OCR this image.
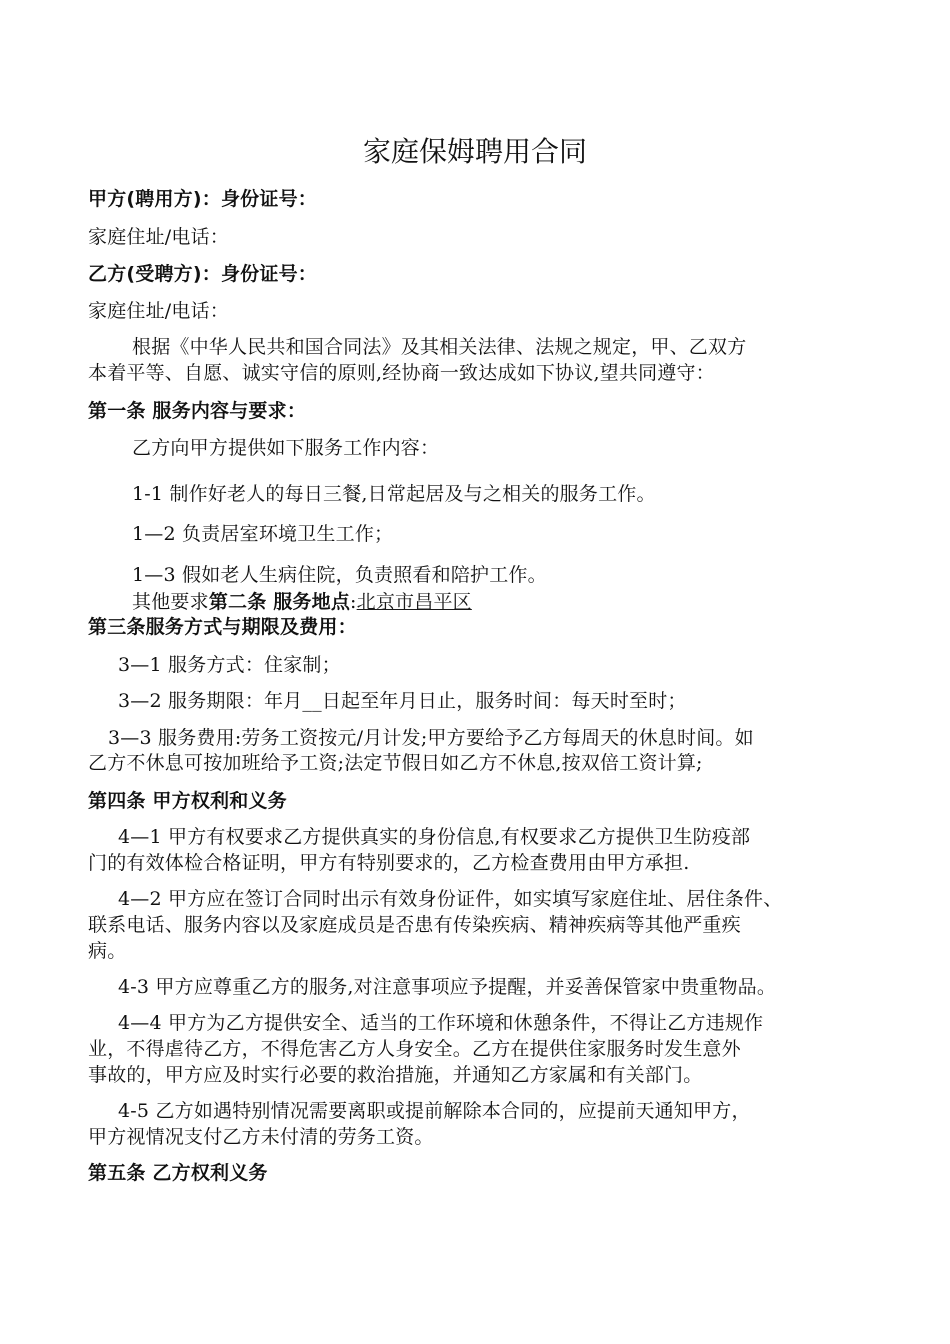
家庭保姆聘用合同
甲方(聘用方)：身份证号：
家庭住址/电话：
乙方(受聘方)：身份证号：
家庭住址/电话：
根据《中华人民共和国合同法》及其相关法律、法规之规定，甲、乙双方
本着平等、自愿、诚实守信的原则,经协商一致达成如下协议,望共同遵守：
第一条 服务内容与要求：
乙方向甲方提供如下服务工作内容：
1-1 制作好老人的每日三餐,日常起居及与之相关的服务工作。
1—2 负责居室环境卫生工作；
1—3 假如老人生病住院，负责照看和陪护工作。
其他要求第二条 服务地点:北京市昌平区
第三条服务方式与期限及费用：
3—1 服务方式：住家制；
3—2 服务期限：年月__日起至年月日止，服务时间：每天时至时；
3—3 服务费用:劳务工资按元/月计发;甲方要给予乙方每周天的休息时间。如
乙方不休息可按加班给予工资;法定节假日如乙方不休息,按双倍工资计算;
第四条 甲方权利和义务
4—1 甲方有权要求乙方提供真实的身份信息,有权要求乙方提供卫生防疫部
门的有效体检合格证明，甲方有特别要求的，乙方检查费用由甲方承担.
4—2 甲方应在签订合同时出示有效身份证件，如实填写家庭住址、居住条件、
联系电话、服务内容以及家庭成员是否患有传染疾病、精神疾病等其他严重疾
病。
4-3 甲方应尊重乙方的服务,对注意事项应予提醒，并妥善保管家中贵重物品。
4—4 甲方为乙方提供安全、适当的工作环境和休憩条件，不得让乙方违规作
业，不得虐待乙方，不得危害乙方人身安全。乙方在提供住家服务时发生意外
事故的，甲方应及时实行必要的救治措施，并通知乙方家属和有关部门。
4-5 乙方如遇特别情况需要离职或提前解除本合同的，应提前天通知甲方，
甲方视情况支付乙方未付清的劳务工资。
第五条 乙方权利义务
